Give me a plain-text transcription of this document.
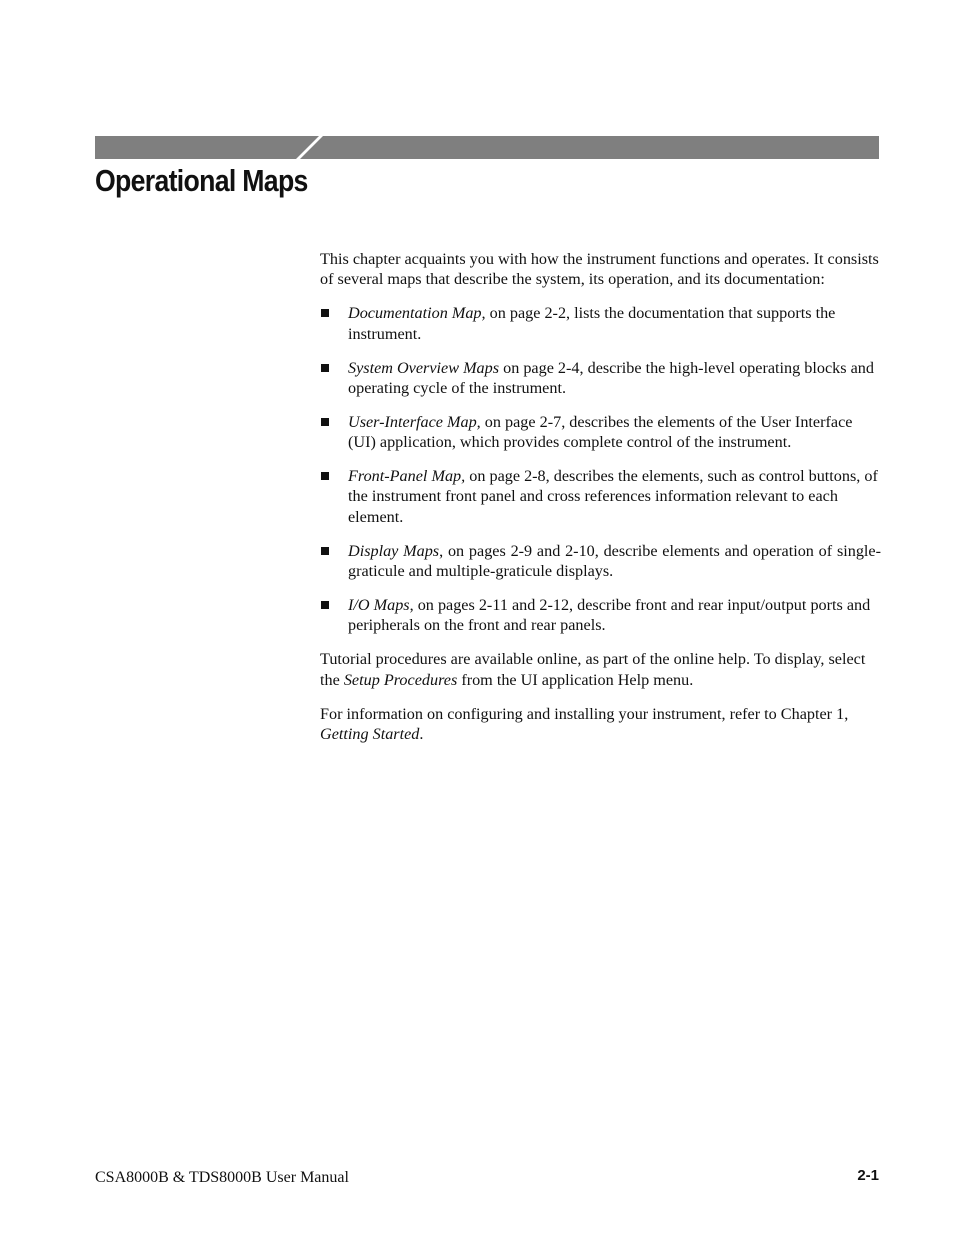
Operational Maps

This chapter acquaints you with how the instrument functions and operates. It consists of several maps that describe the system, its operation, and its documentation:

Documentation Map, on page 2-2, lists the documentation that supports the instrument.
System Overview Maps on page 2-4, describe the high-level operating blocks and operating cycle of the instrument.
User-Interface Map, on page 2-7, describes the elements of the User Interface (UI) application, which provides complete control of the instrument.
Front-Panel Map, on page 2-8, describes the elements, such as control buttons, of the instrument front panel and cross references information relevant to each element.
Display Maps, on pages 2-9 and 2-10, describe elements and operation of single-graticule and multiple-graticule displays.
I/O Maps, on pages 2-11 and 2-12, describe front and rear input/output ports and peripherals on the front and rear panels.

Tutorial procedures are available online, as part of the online help. To display, select the Setup Procedures from the UI application Help menu.

For information on configuring and installing your instrument, refer to Chapter 1, Getting Started.

CSA8000B & TDS8000B User Manual	2-1
